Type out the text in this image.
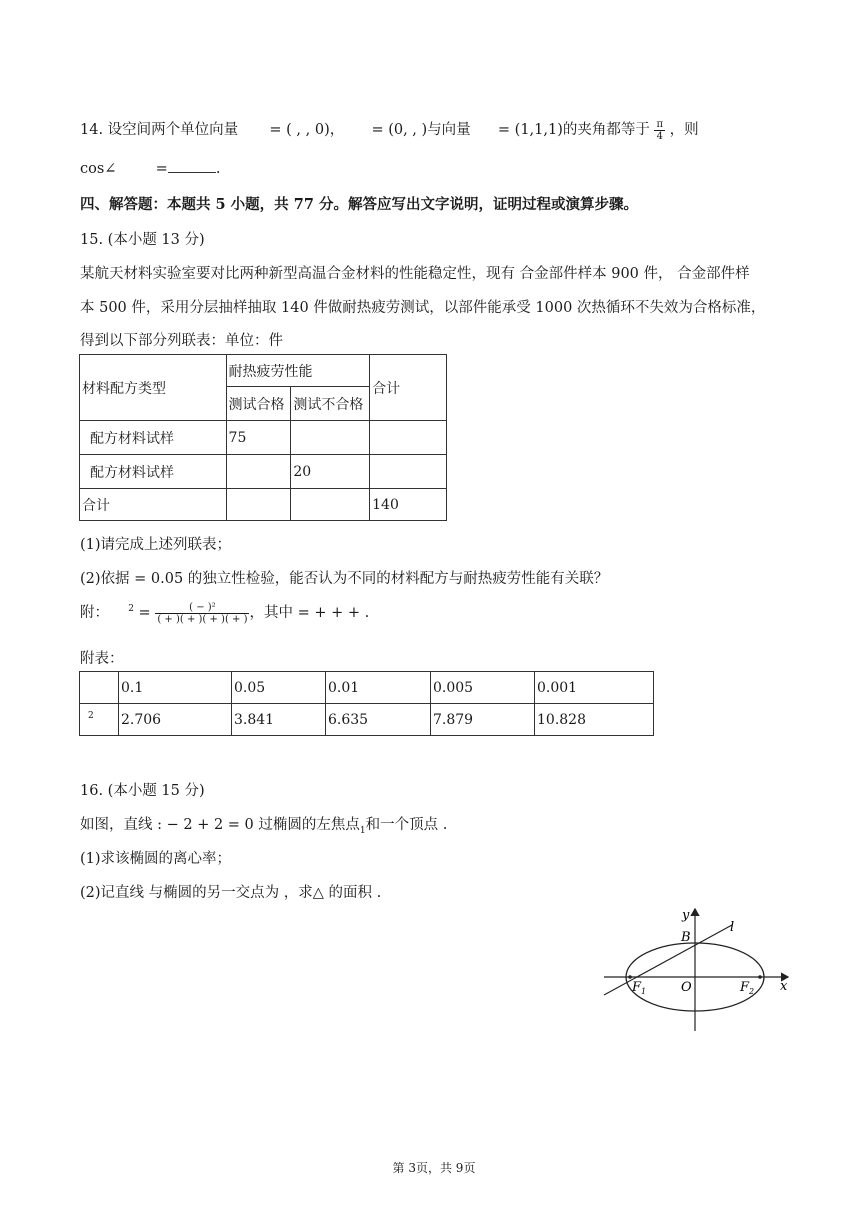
14. 设空间两个单位向量 = ( , , 0)， = (0, , )与向量 = (1,1,1)的夹角都等于 $\frac{\pi}{4}$ ，则
cos∠	=	.
四、解答题：本题共 5 小题，共 77 分。解答应写出文字说明，证明过程或演算步骤。
15. (本小题 13 分)
某航天材料实验室要对比两种新型高温合金材料的性能稳定性，现有 合金部件样本 900 件， 合金部件样
本 500 件，采用分层抽样抽取 140 件做耐热疲劳测试，以部件能承受 1000 次热循环不失效为合格标准，
得到以下部分列联表：单位：件
材料配方类型	耐热疲劳性能		合计
	测试合格	测试不合格	
配方材料试样	75		
配方材料试样		20	
合计			140
(1)请完成上述列联表；
(2)依据 = 0.05 的独立性检验，能否认为不同的材料配方与耐热疲劳性能有关联？
附： $^2 = \frac{\text{( − )²}}{( + )( + )( + )( + )}$ ，其中 = + + + .
附表：
	0.1	0.05	0.01	0.005	0.001
$^2$	2.706	3.841	6.635	7.879	10.828
16. (本小题 15 分)
如图，直线 : − 2 + 2 = 0 过椭圆的左焦点$_1$和一个顶点 .
(1)求该椭圆的离心率；
(2)记直线 与椭圆的另一交点为 ，求△ 的面积 .
y
l
B
$F_1$	O	$F_2$ x
第 3页，共 9页
